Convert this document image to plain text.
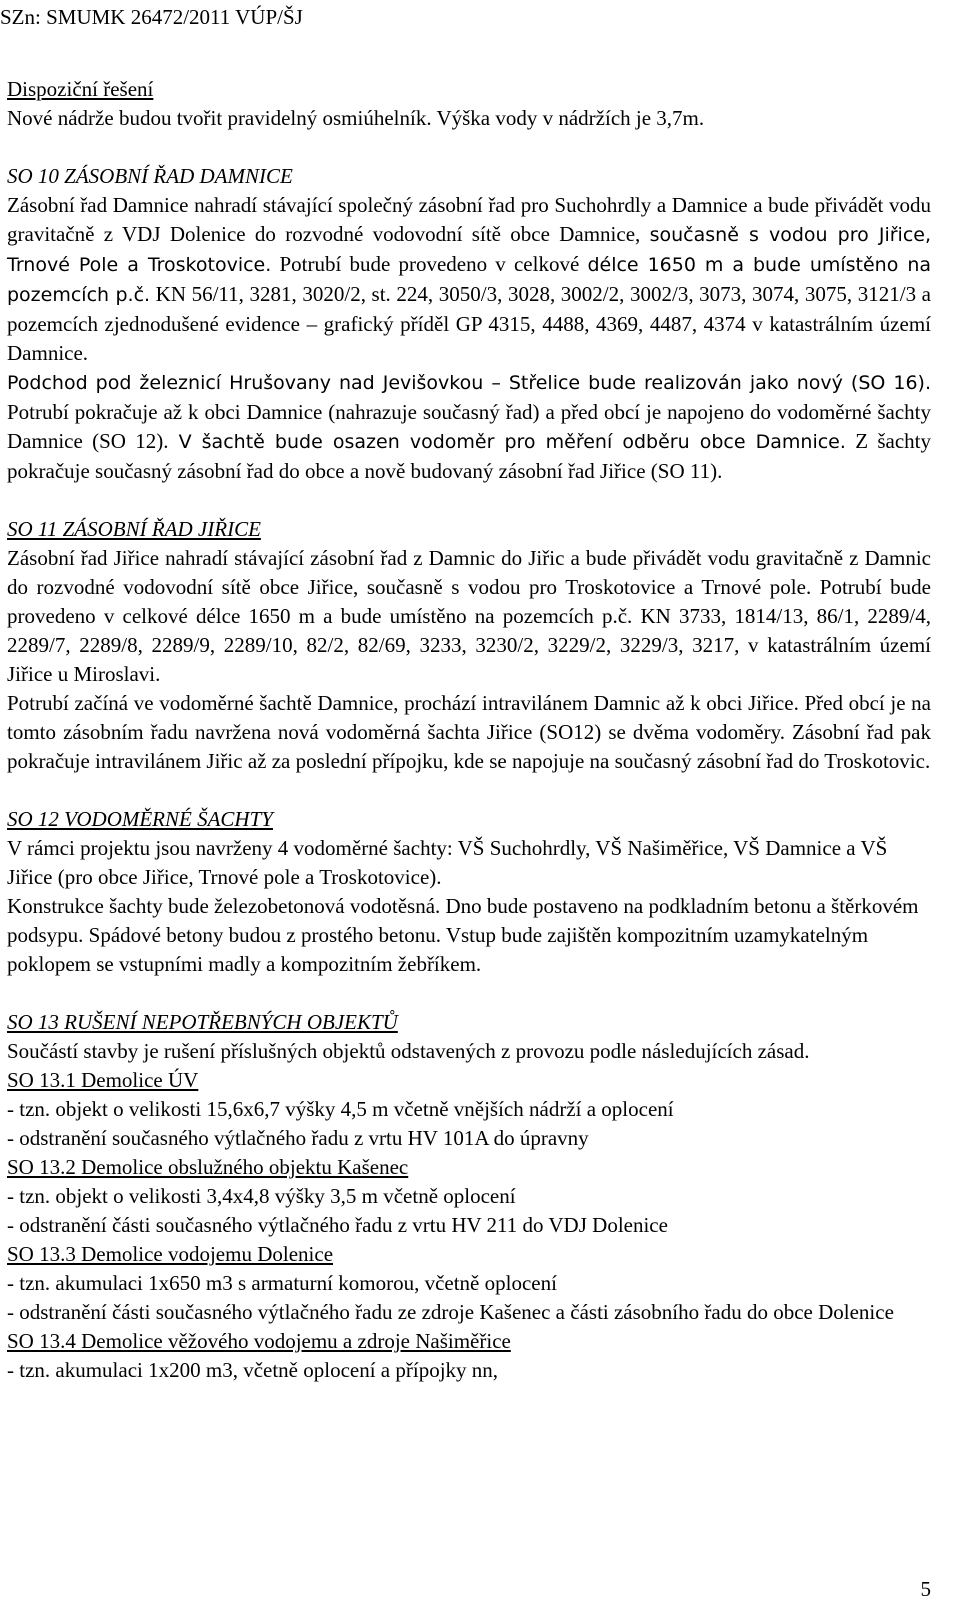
SZn: SMUMK 26472/2011 VÚP/ŠJ

Dispoziční řešení

Nové nádrže budou tvořit pravidelný osmiúhelník. Výška vody v nádržích je 3,7m.

SO 10 ZÁSOBNÍ ŘAD DAMNICE

Zásobní řad Damnice nahradí stávající společný zásobní řad pro Suchohrdly a Damnice a bude přivádět vodu gravitačně z VDJ Dolenice do rozvodné vodovodní sítě obce Damnice, současně s vodou pro Jiřice, Trnové Pole a Troskotovice. Potrubí bude provedeno v celkové délce 1650 m a bude umístěno na pozemcích p.č. KN 56/11, 3281, 3020/2, st. 224, 3050/3, 3028, 3002/2, 3002/3, 3073, 3074, 3075, 3121/3 a pozemcích zjednodušené evidence – grafický příděl GP 4315, 4488, 4369, 4487, 4374 v katastrálním území Damnice.

Podchod pod železnicí Hrušovany nad Jevišovkou – Střelice bude realizován jako nový (SO 16). Potrubí pokračuje až k obci Damnice (nahrazuje současný řad) a před obcí je napojeno do vodoměrné šachty Damnice (SO 12). V šachtě bude osazen vodoměr pro měření odběru obce Damnice. Z šachty pokračuje současný zásobní řad do obce a nově budovaný zásobní řad Jiřice (SO 11).

SO 11 ZÁSOBNÍ ŘAD JIŘICE

Zásobní řad Jiřice nahradí stávající zásobní řad z Damnic do Jiřic a bude přivádět vodu gravitačně z Damnic do rozvodné vodovodní sítě obce Jiřice, současně s vodou pro Troskotovice a Trnové pole. Potrubí bude provedeno v celkové délce 1650 m a bude umístěno na pozemcích p.č. KN 3733, 1814/13, 86/1, 2289/4, 2289/7, 2289/8, 2289/9, 2289/10, 82/2, 82/69, 3233, 3230/2, 3229/2, 3229/3, 3217, v katastrálním území Jiřice u Miroslavi.

Potrubí začíná ve vodoměrné šachtě Damnice, prochází intravilánem Damnic až k obci Jiřice. Před obcí je na tomto zásobním řadu navržena nová vodoměrná šachta Jiřice (SO12) se dvěma vodoměry. Zásobní řad pak pokračuje intravilánem Jiřic až za poslední přípojku, kde se napojuje na současný zásobní řad do Troskotovic.

SO 12 VODOMĚRNÉ ŠACHTY

V rámci projektu jsou navrženy 4 vodoměrné šachty: VŠ Suchohrdly, VŠ Našiměřice, VŠ Damnice a VŠ Jiřice (pro obce Jiřice, Trnové pole a Troskotovice).

Konstrukce šachty bude železobetonová vodotěsná. Dno bude postaveno na podkladním betonu a štěrkovém podsypu. Spádové betony budou z prostého betonu. Vstup bude zajištěn kompozitním uzamykatelným poklopem se vstupními madly a kompozitním žebříkem.

SO 13 RUŠENÍ NEPOTŘEBNÝCH OBJEKTŮ

Součástí stavby je rušení příslušných objektů odstavených z provozu podle následujících zásad.

SO 13.1 Demolice ÚV

- tzn. objekt o velikosti 15,6x6,7 výšky 4,5 m včetně vnějších nádrží a oplocení

- odstranění současného výtlačného řadu z vrtu HV 101A do úpravny

SO 13.2 Demolice obslužného objektu Kašenec

- tzn. objekt o velikosti 3,4x4,8 výšky 3,5 m včetně oplocení

- odstranění části současného výtlačného řadu z vrtu HV 211 do VDJ Dolenice

SO 13.3 Demolice vodojemu Dolenice

- tzn. akumulaci 1x650 m3 s armaturní komorou, včetně oplocení

- odstranění části současného výtlačného řadu ze zdroje Kašenec a části zásobního řadu do obce Dolenice

SO 13.4 Demolice věžového vodojemu a zdroje Našiměřice

- tzn. akumulaci 1x200 m3, včetně oplocení a přípojky nn,

5
